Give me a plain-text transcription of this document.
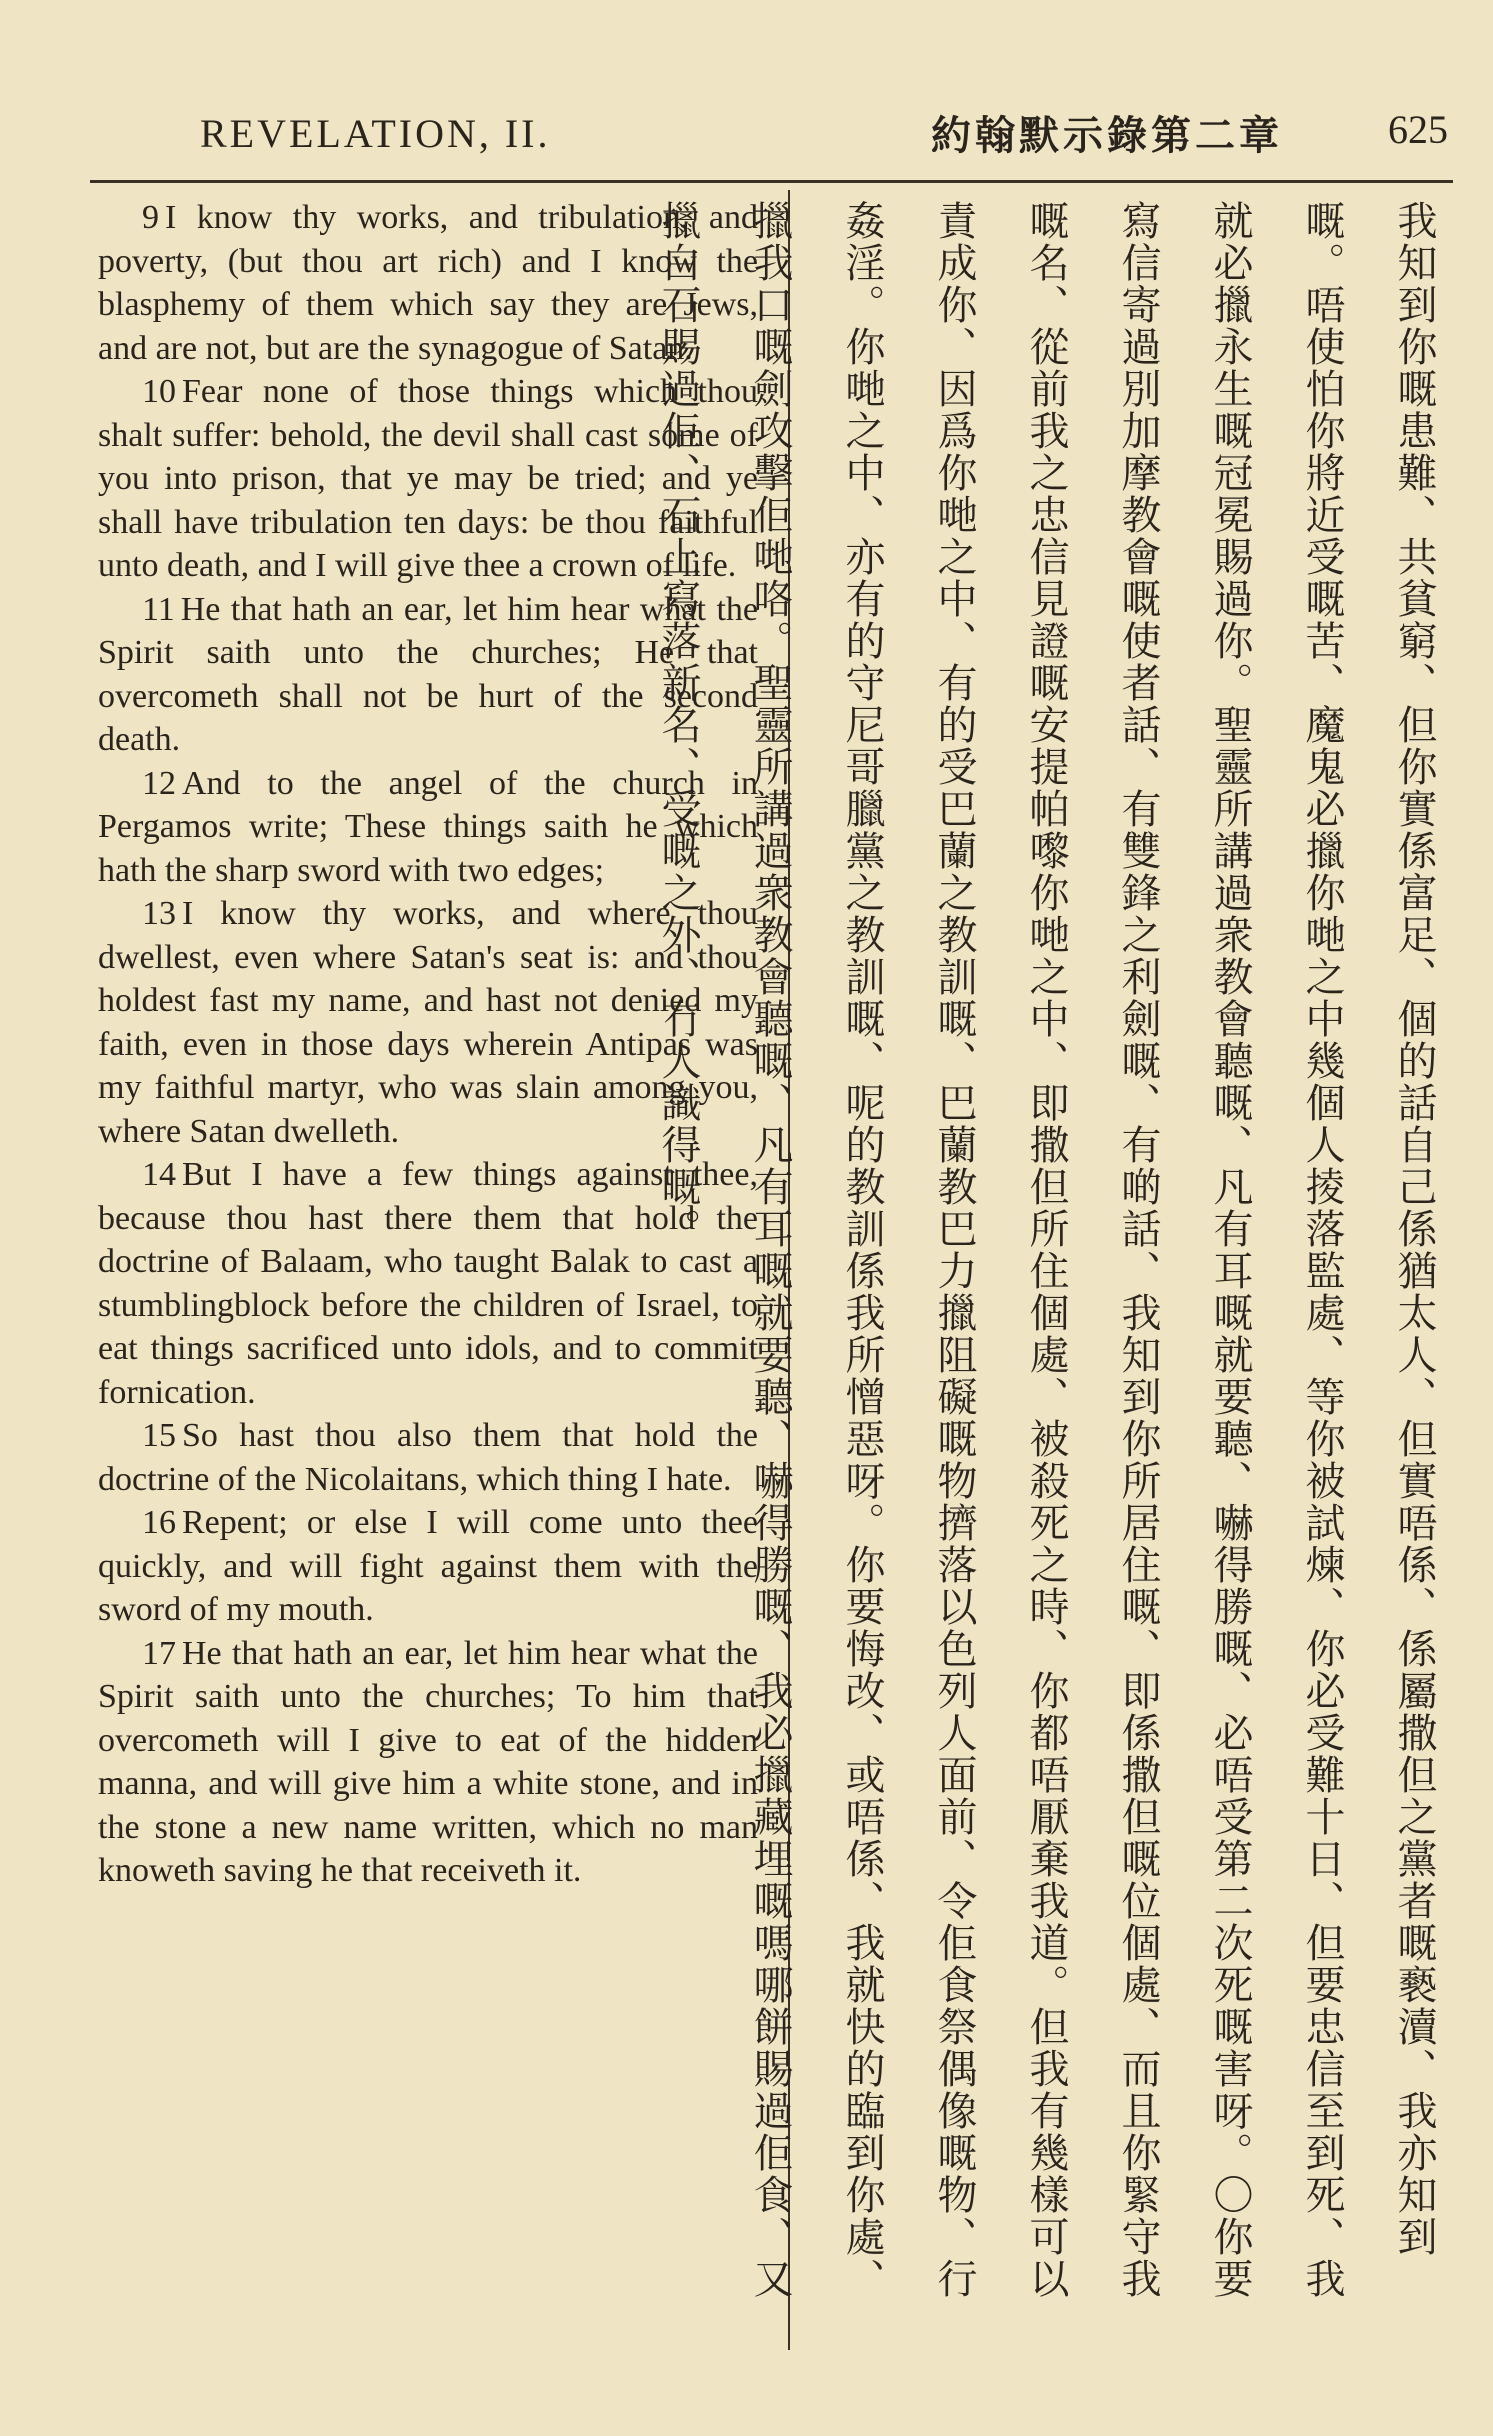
REVELATION, II.	約翰默示錄第二章	625

9 I know thy works, and tribulation, and poverty, (but thou art rich) and I know the blasphemy of them which say they are Jews, and are not, but are the synagogue of Satan.

10 Fear none of those things which thou shalt suffer: behold, the devil shall cast some of you into prison, that ye may be tried; and ye shall have tribulation ten days: be thou faithful unto death, and I will give thee a crown of life.

11 He that hath an ear, let him hear what the Spirit saith unto the churches; He that overcometh shall not be hurt of the second death.

12 And to the angel of the church in Pergamos write; These things saith he which hath the sharp sword with two edges;

13 I know thy works, and where thou dwellest, even where Satan's seat is: and thou holdest fast my name, and hast not denied my faith, even in those days wherein Antipas was my faithful martyr, who was slain among you, where Satan dwelleth.

14 But I have a few things against thee, because thou hast there them that hold the doctrine of Balaam, who taught Balak to cast a stumblingblock before the children of Israel, to eat things sacrificed unto idols, and to commit fornication.

15 So hast thou also them that hold the doctrine of the Nicolaitans, which thing I hate.

16 Repent; or else I will come unto thee quickly, and will fight against them with the sword of my mouth.

17 He that hath an ear, let him hear what the Spirit saith unto the churches; To him that overcometh will I give to eat of the hidden manna, and will give him a white stone, and in the stone a new name written, which no man knoweth saving he that receiveth it.	我知到你嘅患難、共貧窮、但你實係富足、個的話自己係猶太人、但實唔係、係屬撒但之黨者嘅褻瀆、我亦知到嘅。唔使怕你將近受嘅苦、魔鬼必擸你哋之中幾個人掕落監處、等你被試煉、你必受難十日、但要忠信至到死、我就必擸永生嘅冠冕賜過你。聖靈所講過衆教會聽嘅、凡有耳嘅就要聽、嚇得勝嘅、必唔受第二次死嘅害呀。〇你要寫信寄過別加摩教會嘅使者話、有雙鋒之利劍嘅、有啲話、我知到你所居住嘅、即係撒但嘅位個處、而且你緊守我嘅名、從前我之忠信見證嘅安提帕嚟你哋之中、即撒但所住個處、被殺死之時、你都唔厭棄我道。但我有幾樣可以責成你、因爲你哋之中、有的受巴蘭之教訓嘅、巴蘭教巴力擸阻礙嘅物擠落以色列人面前、令佢食祭偶像嘅物、行姦淫。你哋之中、亦有的守尼哥臘黨之教訓嘅、呢的教訓係我所憎惡呀。你要悔改、或唔係、我就快的臨到你處、擸我口嘅劍攻擊佢哋咯。聖靈所講過衆教會聽嘅、凡有耳嘅就要聽、嚇得勝嘅、我必擸藏埋嘅嗎哪餅賜過佢食、又擸白石賜過佢、石上寫落新名、受嘅之外、冇人識得嘅。
